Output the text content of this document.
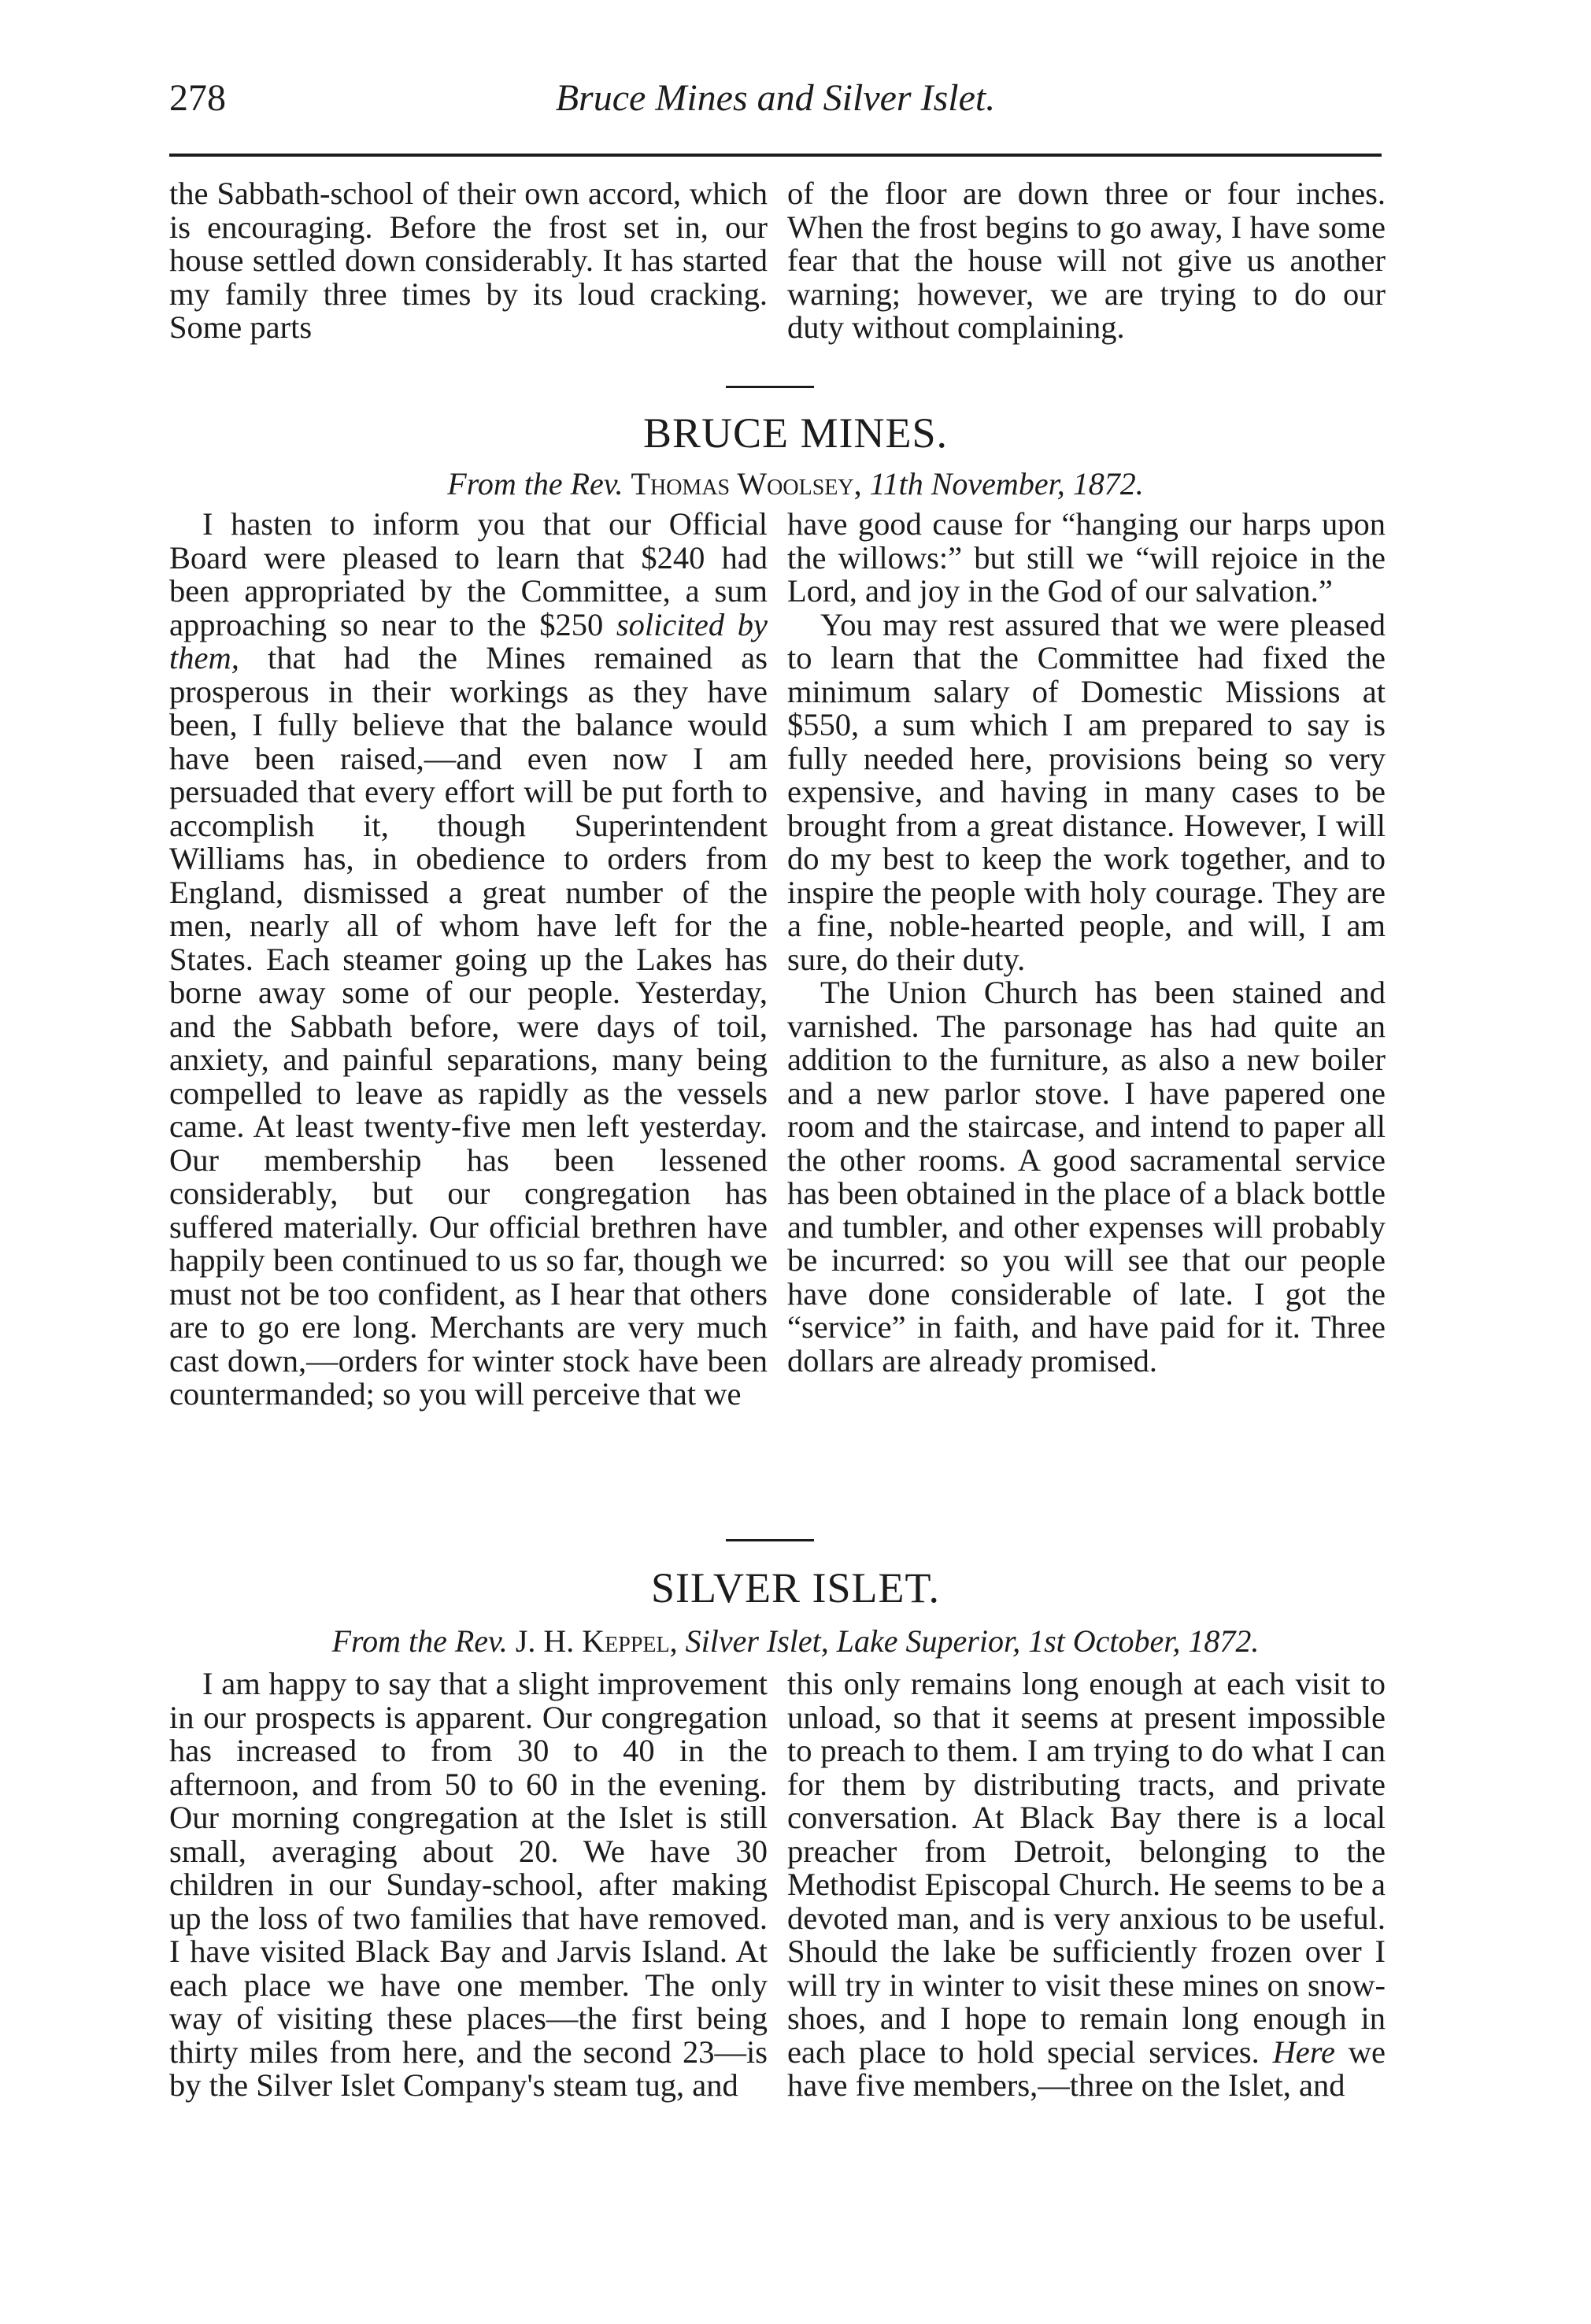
278	Bruce Mines and Silver Islet.

the Sabbath-school of their own accord, which is encouraging. Before the frost set in, our house settled down considerably. It has started my family three times by its loud cracking. Some parts

of the floor are down three or four inches. When the frost begins to go away, I have some fear that the house will not give us another warning; however, we are trying to do our duty without complaining.

BRUCE MINES.
From the Rev. Thomas Woolsey, 11th November, 1872.

I hasten to inform you that our Official Board were pleased to learn that $240 had been appropriated by the Committee, a sum approaching so near to the $250 solicited by them, that had the Mines remained as prosperous in their workings as they have been, I fully believe that the balance would have been raised,—and even now I am persuaded that every effort will be put forth to accomplish it, though Superintendent Williams has, in obedience to orders from England, dismissed a great number of the men, nearly all of whom have left for the States. Each steamer going up the Lakes has borne away some of our people. Yesterday, and the Sabbath before, were days of toil, anxiety, and painful separations, many being compelled to leave as rapidly as the vessels came. At least twenty-five men left yesterday. Our membership has been lessened considerably, but our congregation has suffered materially. Our official brethren have happily been continued to us so far, though we must not be too confident, as I hear that others are to go ere long. Merchants are very much cast down,—orders for winter stock have been countermanded; so you will perceive that we

have good cause for “hanging our harps upon the willows:” but still we “will rejoice in the Lord, and joy in the God of our salvation.”

You may rest assured that we were pleased to learn that the Committee had fixed the minimum salary of Domestic Missions at $550, a sum which I am prepared to say is fully needed here, provisions being so very expensive, and having in many cases to be brought from a great distance. However, I will do my best to keep the work together, and to inspire the people with holy courage. They are a fine, noble-hearted people, and will, I am sure, do their duty.

The Union Church has been stained and varnished. The parsonage has had quite an addition to the furniture, as also a new boiler and a new parlor stove. I have papered one room and the staircase, and intend to paper all the other rooms. A good sacramental service has been obtained in the place of a black bottle and tumbler, and other expenses will probably be incurred: so you will see that our people have done considerable of late. I got the “service” in faith, and have paid for it. Three dollars are already promised.

SILVER ISLET.
From the Rev. J. H. Keppel, Silver Islet, Lake Superior, 1st October, 1872.

I am happy to say that a slight improvement in our prospects is apparent. Our congregation has increased to from 30 to 40 in the afternoon, and from 50 to 60 in the evening. Our morning congregation at the Islet is still small, averaging about 20. We have 30 children in our Sunday-school, after making up the loss of two families that have removed. I have visited Black Bay and Jarvis Island. At each place we have one member. The only way of visiting these places—the first being thirty miles from here, and the second 23—is by the Silver Islet Company's steam tug, and

this only remains long enough at each visit to unload, so that it seems at present impossible to preach to them. I am trying to do what I can for them by distributing tracts, and private conversation. At Black Bay there is a local preacher from Detroit, belonging to the Methodist Episcopal Church. He seems to be a devoted man, and is very anxious to be useful. Should the lake be sufficiently frozen over I will try in winter to visit these mines on snow-shoes, and I hope to remain long enough in each place to hold special services. Here we have five members,—three on the Islet, and
